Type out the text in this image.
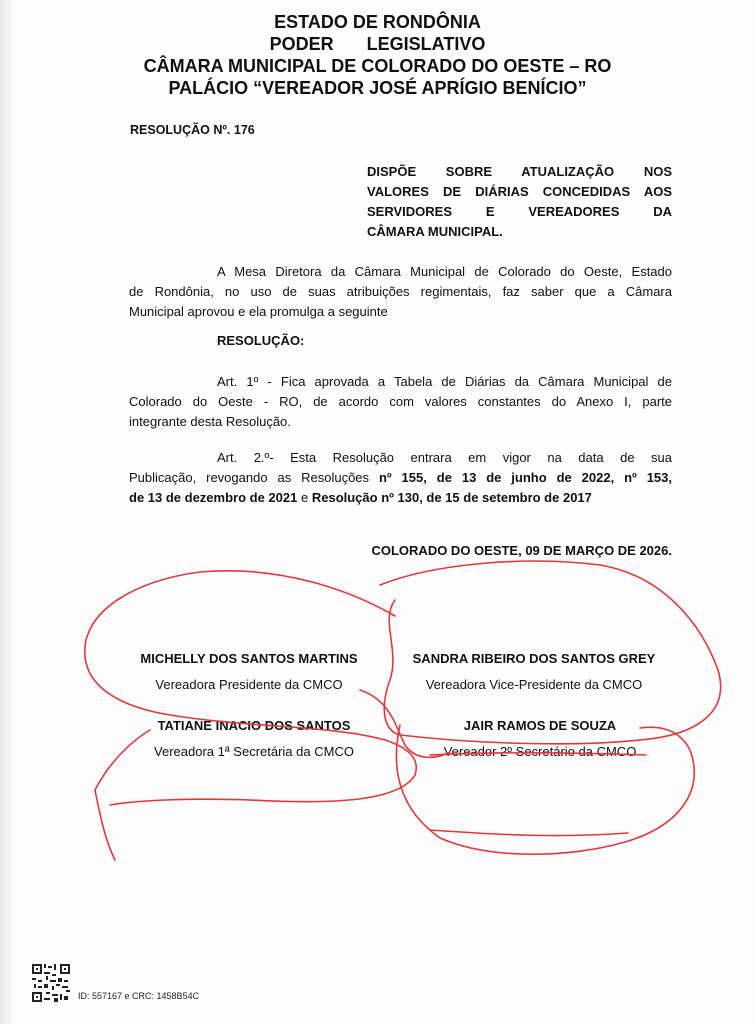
ESTADO DE RONDÔNIA
PODER LEGISLATIVO
CÂMARA MUNICIPAL DE COLORADO DO OESTE – RO
PALÁCIO “VEREADOR JOSÉ APRÍGIO BENÍCIO”
RESOLUÇÃO Nº. 176
DISPÕE SOBRE ATUALIZAÇÃO NOS
VALORES DE DIÁRIAS CONCEDIDAS AOS
SERVIDORES E VEREADORES DA
CÂMARA MUNICIPAL.
A Mesa Diretora da Câmara Municipal de Colorado do Oeste, Estado
de Rondônia, no uso de suas atribuições regimentais, faz saber que a Câmara
Municipal aprovou e ela promulga a seguinte
RESOLUÇÃO:
Art. 1º - Fica aprovada a Tabela de Diárias da Câmara Municipal de
Colorado do Oeste - RO, de acordo com valores constantes do Anexo I, parte
integrante desta Resolução.
Art. 2.º- Esta Resolução entrara em vigor na data de sua
Publicação, revogando as Resoluções nº 155, de 13 de junho de 2022, nº 153,
de 13 de dezembro de 2021 e Resolução nº 130, de 15 de setembro de 2017
COLORADO DO OESTE, 09 DE MARÇO DE 2026.
MICHELLY DOS SANTOS MARTINS
Vereadora Presidente da CMCO
SANDRA RIBEIRO DOS SANTOS GREY
Vereadora Vice-Presidente da CMCO
TATIANE INACIO DOS SANTOS
Vereadora 1ª Secretária da CMCO
JAIR RAMOS DE SOUZA
Vereador 2º Secretário da CMCO
ID: 557167 e CRC: 1458B54C
